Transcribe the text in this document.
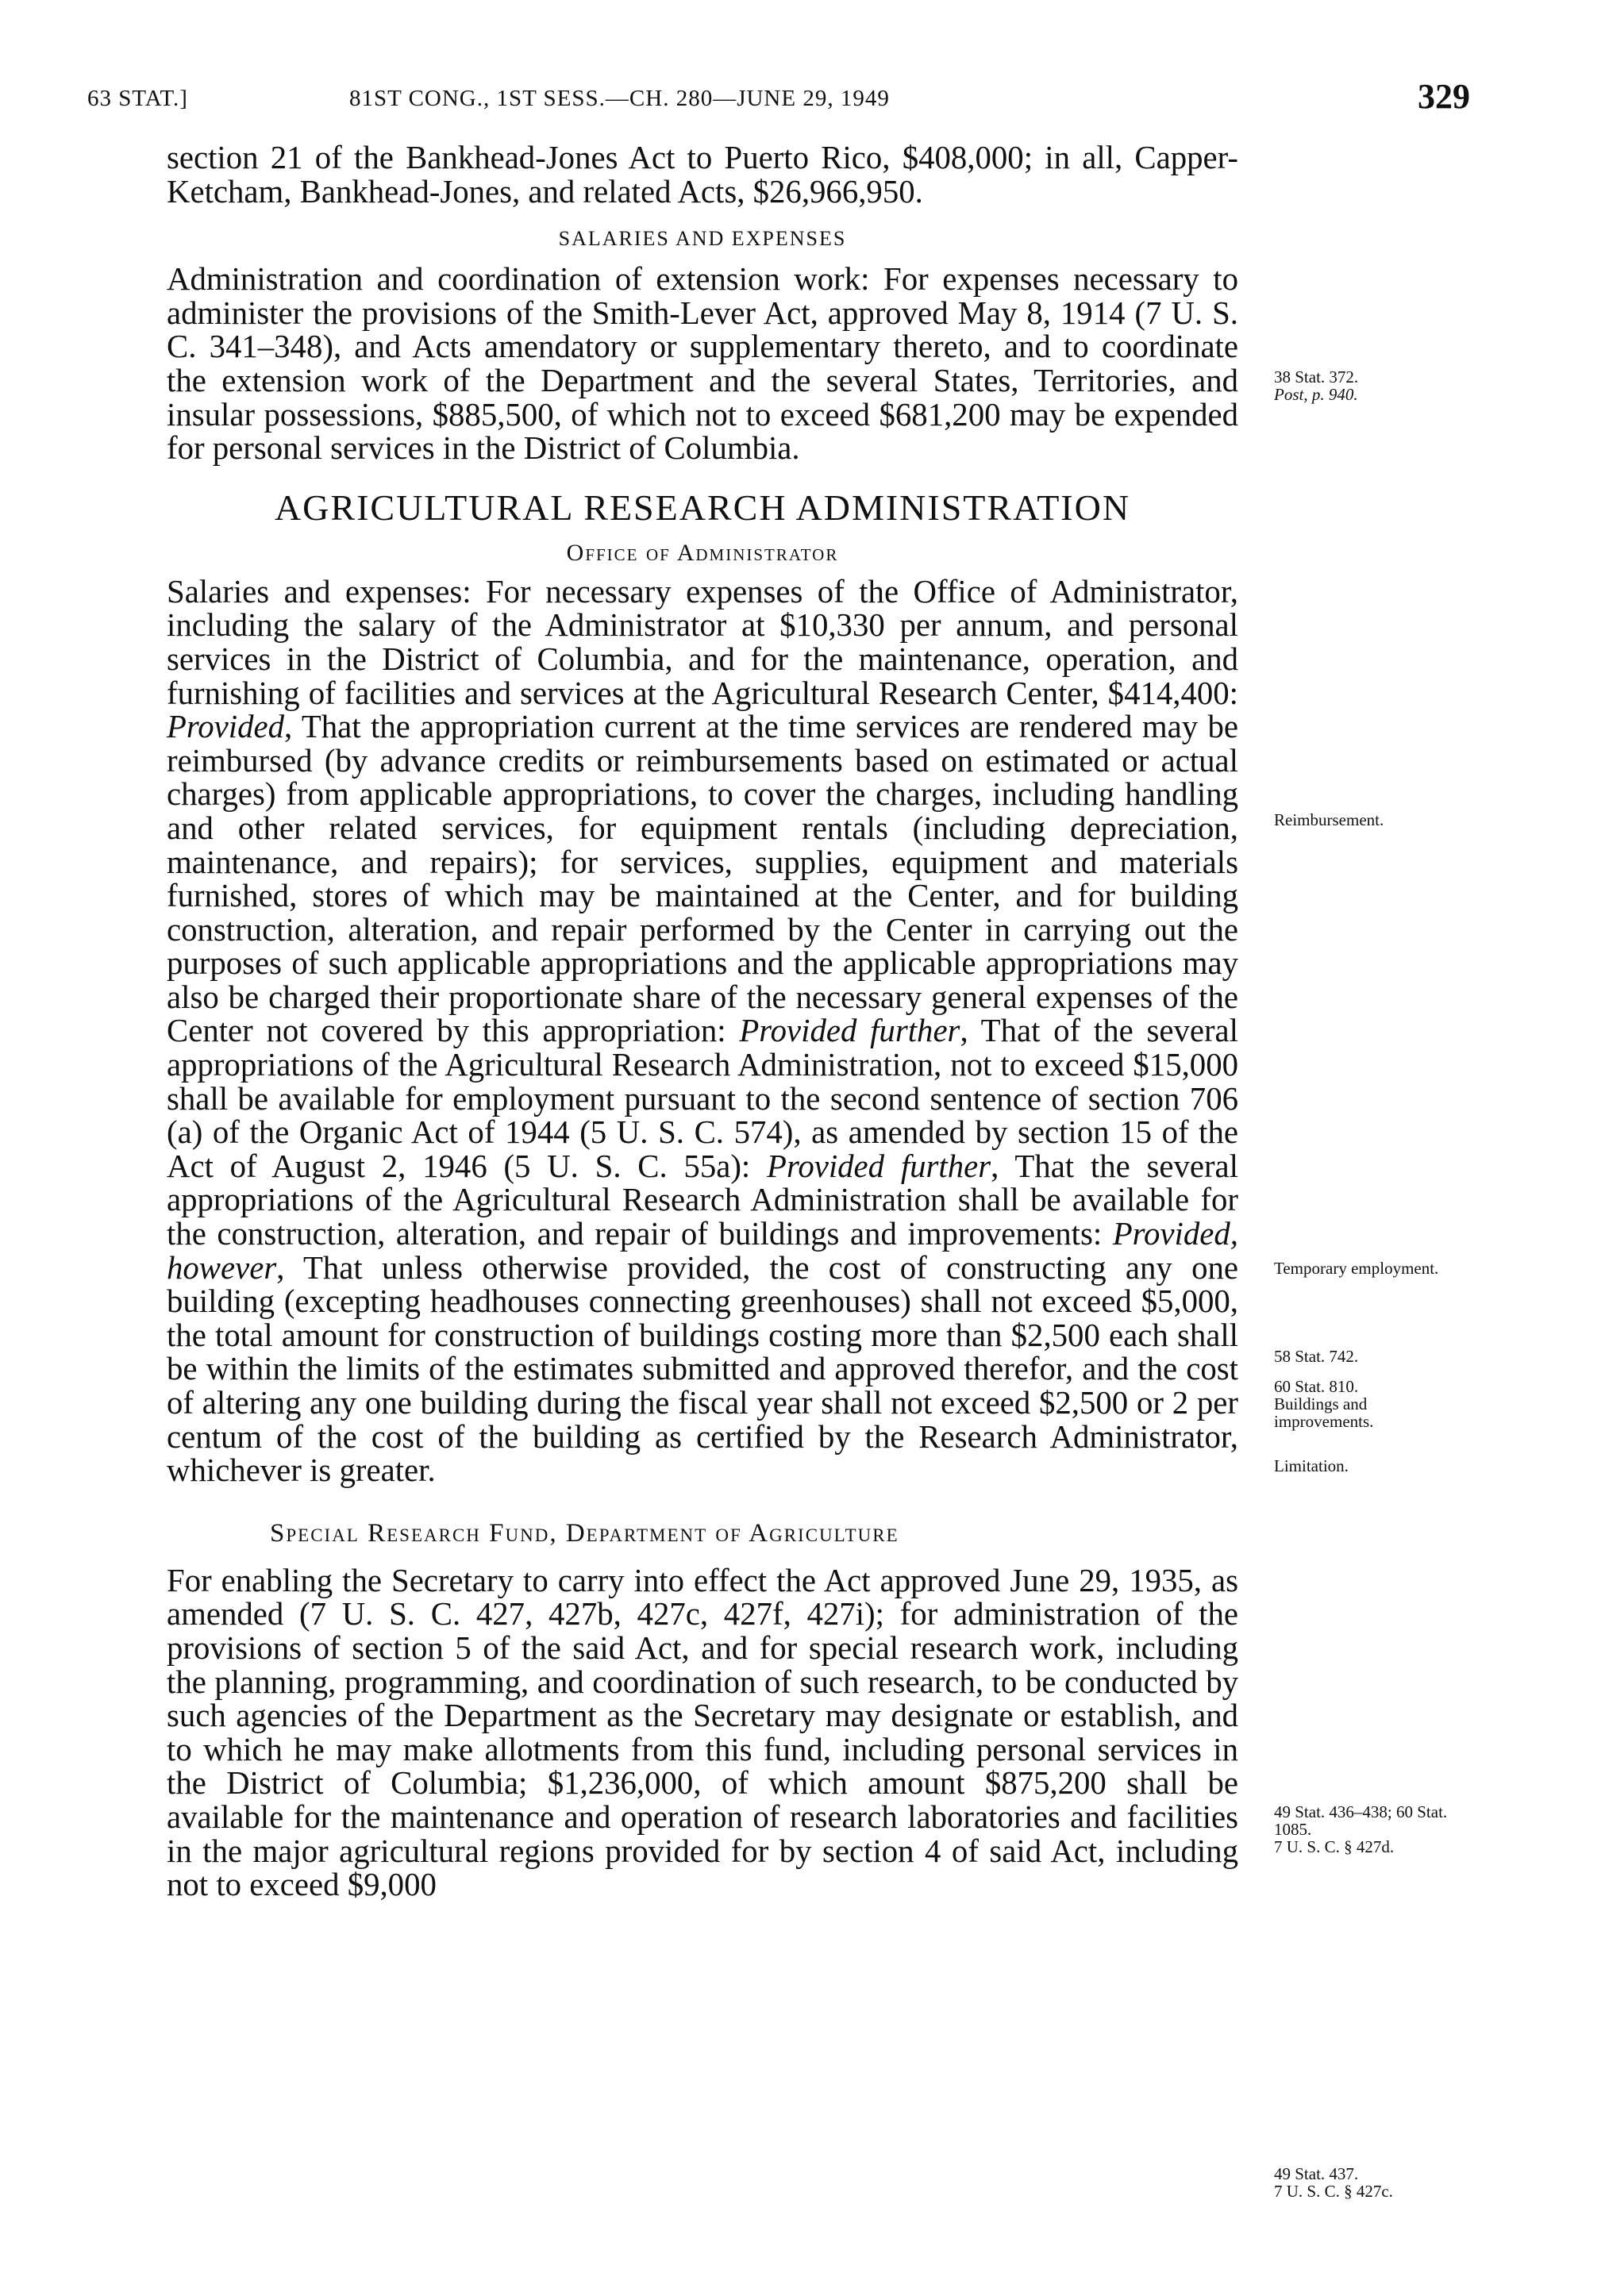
63 STAT.]	81ST CONG., 1ST SESS.—CH. 280—JUNE 29, 1949	329

section 21 of the Bankhead-Jones Act to Puerto Rico, $408,000; in all, Capper-Ketcham, Bankhead-Jones, and related Acts, $26,966,950.

SALARIES AND EXPENSES

Administration and coordination of extension work: For expenses necessary to administer the provisions of the Smith-Lever Act, approved May 8, 1914 (7 U. S. C. 341–348), and Acts amendatory or supplementary thereto, and to coordinate the extension work of the Department and the several States, Territories, and insular possessions, $885,500, of which not to exceed $681,200 may be expended for personal services in the District of Columbia.

AGRICULTURAL RESEARCH ADMINISTRATION

Office of Administrator

Salaries and expenses: For necessary expenses of the Office of Administrator, including the salary of the Administrator at $10,330 per annum, and personal services in the District of Columbia, and for the maintenance, operation, and furnishing of facilities and services at the Agricultural Research Center, $414,400: Provided, That the appropriation current at the time services are rendered may be reimbursed (by advance credits or reimbursements based on estimated or actual charges) from applicable appropriations, to cover the charges, including handling and other related services, for equipment rentals (including depreciation, maintenance, and repairs); for services, supplies, equipment and materials furnished, stores of which may be maintained at the Center, and for building construction, alteration, and repair performed by the Center in carrying out the purposes of such applicable appropriations and the applicable appropriations may also be charged their proportionate share of the necessary general expenses of the Center not covered by this appropriation: Provided further, That of the several appropriations of the Agricultural Research Administration, not to exceed $15,000 shall be available for employment pursuant to the second sentence of section 706 (a) of the Organic Act of 1944 (5 U. S. C. 574), as amended by section 15 of the Act of August 2, 1946 (5 U. S. C. 55a): Provided further, That the several appropriations of the Agricultural Research Administration shall be available for the construction, alteration, and repair of buildings and improvements: Provided, however, That unless otherwise provided, the cost of constructing any one building (excepting headhouses connecting greenhouses) shall not exceed $5,000, the total amount for construction of buildings costing more than $2,500 each shall be within the limits of the estimates submitted and approved therefor, and the cost of altering any one building during the fiscal year shall not exceed $2,500 or 2 per centum of the cost of the building as certified by the Research Administrator, whichever is greater.

Special Research Fund, Department of Agriculture

For enabling the Secretary to carry into effect the Act approved June 29, 1935, as amended (7 U. S. C. 427, 427b, 427c, 427f, 427i); for administration of the provisions of section 5 of the said Act, and for special research work, including the planning, programming, and coordination of such research, to be conducted by such agencies of the Department as the Secretary may designate or establish, and to which he may make allotments from this fund, including personal services in the District of Columbia; $1,236,000, of which amount $875,200 shall be available for the maintenance and operation of research laboratories and facilities in the major agricultural regions provided for by section 4 of said Act, including not to exceed $9,000

38 Stat. 372.
Post, p. 940.
Reimbursement.
Temporary employment.
58 Stat. 742.
60 Stat. 810.
Buildings and improvements.
Limitation.
49 Stat. 436–438; 60 Stat. 1085.
7 U. S. C. § 427d.
49 Stat. 437.
7 U. S. C. § 427c.
